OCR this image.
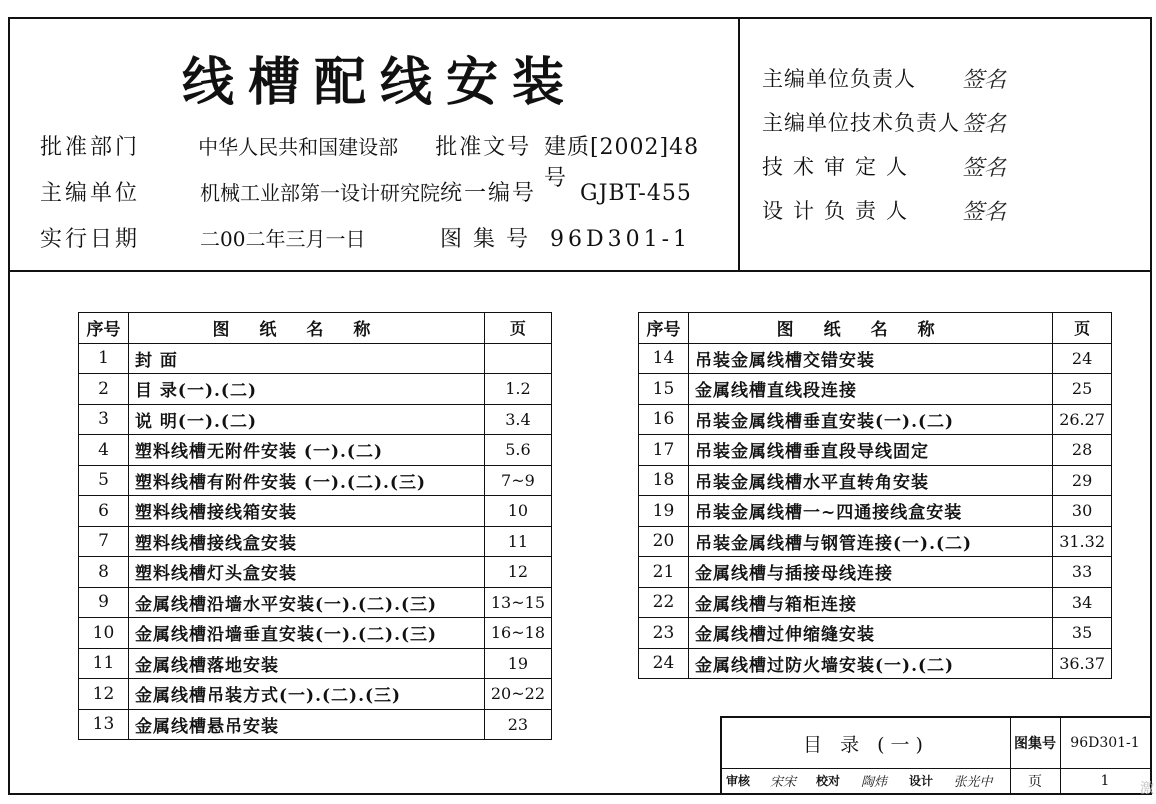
线槽配线安装
批准部门	中华人民共和国建设部	批准文号 建质[2002]48号
主编单位	机械工业部第一设计研究院 统一编号	GJBT-455
实行日期	二00二年三月一日	图 集 号 96D301-1
主编单位负责人	签名
主编单位技术负责人 签名
技术审定人	签名
设计负责人	签名
序号	图纸名称	页
1	封 面	
2	目 录(一).(二)	1.2
3	说 明(一).(二)	3.4
4	塑料线槽无附件安装 (一).(二)	5.6
5	塑料线槽有附件安装 (一).(二).(三)	7~9
6	塑料线槽接线箱安装	10
7	塑料线槽接线盒安装	11
8	塑料线槽灯头盒安装	12
9	金属线槽沿墙水平安装(一).(二).(三)	13~15
10	金属线槽沿墙垂直安装(一).(二).(三)	16~18
11	金属线槽落地安装	19
12	金属线槽吊装方式(一).(二).(三)	20~22
13	金属线槽悬吊安装	23
序号	图纸名称	页
14	吊装金属线槽交错安装	24
15	金属线槽直线段连接	25
16	吊装金属线槽垂直安装(一).(二)	26.27
17	吊装金属线槽垂直段导线固定	28
18	吊装金属线槽水平直转角安装	29
19	吊装金属线槽一~四通接线盒安装	30
20	吊装金属线槽与钢管连接(一).(二)	31.32
21	金属线槽与插接母线连接	33
22	金属线槽与箱柜连接	34
23	金属线槽过伸缩缝安装	35
24	金属线槽过防火墙安装(一).(二)	36.37
目 录 (一)	图集号	96D301-1
审核	宋宋	校对	陶炜	设计	张光中	页	1
激
